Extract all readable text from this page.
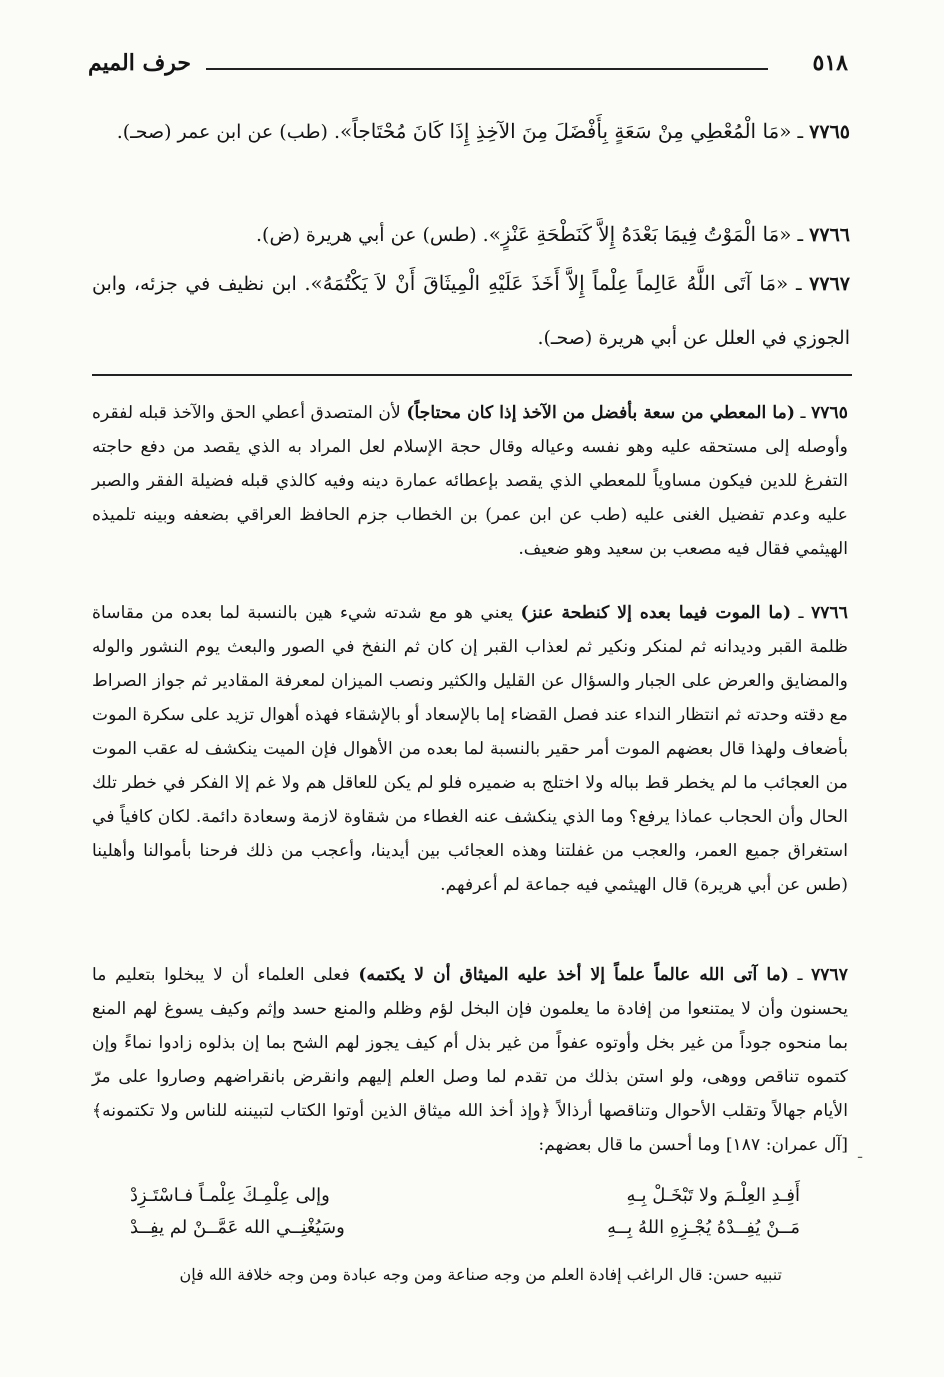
٥١٨
حرف الميم
٧٧٦٥ ـ «مَا الْمُعْطِي مِنْ سَعَةٍ بِأَفْضَلَ مِنَ الآخِذِ إِذَا كَانَ مُحْتَاجاً». (طب) عن ابن عمر (صحـ).
٧٧٦٦ ـ «مَا الْمَوْتُ فِيمَا بَعْدَهُ إِلاَّ كَنَطْحَةِ عَنْزٍ». (طس) عن أبي هريرة (ض).
٧٧٦٧ ـ «مَا آتَى اللَّهُ عَالِماً عِلْماً إِلاَّ أَخَذَ عَلَيْهِ الْمِيثَاقَ أَنْ لاَ يَكْتُمَهُ». ابن نظيف في جزئه، وابن الجوزي في العلل عن أبي هريرة (صحـ).
٧٧٦٥ ـ (ما المعطي من سعة بأفضل من الآخذ إذا كان محتاجاً) لأن المتصدق أعطي الحق والآخذ قبله لفقره وأوصله إلى مستحقه عليه وهو نفسه وعياله وقال حجة الإسلام لعل المراد به الذي يقصد من دفع حاجته التفرغ للدين فيكون مساوياً للمعطي الذي يقصد بإعطائه عمارة دينه وفيه كالذي قبله فضيلة الفقر والصبر عليه وعدم تفضيل الغنى عليه (طب عن ابن عمر) بن الخطاب جزم الحافظ العراقي بضعفه وبينه تلميذه الهيثمي فقال فيه مصعب بن سعيد وهو ضعيف.
٧٧٦٦ ـ (ما الموت فيما بعده إلا كنطحة عنز) يعني هو مع شدته شيء هين بالنسبة لما بعده من مقاساة ظلمة القبر وديدانه ثم لمنكر ونكير ثم لعذاب القبر إن كان ثم النفخ في الصور والبعث يوم النشور والوله والمضايق والعرض على الجبار والسؤال عن القليل والكثير ونصب الميزان لمعرفة المقادير ثم جواز الصراط مع دقته وحدته ثم انتظار النداء عند فصل القضاء إما بالإسعاد أو بالإشقاء فهذه أهوال تزيد على سكرة الموت بأضعاف ولهذا قال بعضهم الموت أمر حقير بالنسبة لما بعده من الأهوال فإن الميت ينكشف له عقب الموت من العجائب ما لم يخطر قط بباله ولا اختلج به ضميره فلو لم يكن للعاقل هم ولا غم إلا الفكر في خطر تلك الحال وأن الحجاب عماذا يرفع؟ وما الذي ينكشف عنه الغطاء من شقاوة لازمة وسعادة دائمة. لكان كافياً في استغراق جميع العمر، والعجب من غفلتنا وهذه العجائب بين أيدينا، وأعجب من ذلك فرحنا بأموالنا وأهلينا (طس عن أبي هريرة) قال الهيثمي فيه جماعة لم أعرفهم.
٧٧٦٧ ـ (ما آتى الله عالماً علماً إلا أخذ عليه الميثاق أن لا يكتمه) فعلى العلماء أن لا يبخلوا بتعليم ما يحسنون وأن لا يمتنعوا من إفادة ما يعلمون فإن البخل لؤم وظلم والمنع حسد وإثم وكيف يسوغ لهم المنع بما منحوه جوداً من غير بخل وأوتوه عفواً من غير بذل أم كيف يجوز لهم الشح بما إن بذلوه زادوا نماءً وإن كتموه تناقص ووهى، ولو استن بذلك من تقدم لما وصل العلم إليهم وانقرض بانقراضهم وصاروا على مرّ الأيام جهالاً وتقلب الأحوال وتناقصها أرذالاً ﴿وإذ أخذ الله ميثاق الذين أوتوا الكتاب لتبيننه للناس ولا تكتمونه﴾ [آل عمران: ١٨٧] وما أحسن ما قال بعضهم: ـ
أَفِـدِ العِلْـمَ ولا تَبْخَـلْ بِـهِ
وإلى عِلْمِـكَ عِلْمـاً فـاسْتَـزِدْ
مَــنْ يُفِــدْهُ يُجْـزِهِ اللهُ بِــهِ
وسَيُغْنِــي الله عَمَّــنْ لم يفِــدْ
تنبيه حسن: قال الراغب إفادة العلم من وجه صناعة ومن وجه عبادة ومن وجه خلافة الله فإن
